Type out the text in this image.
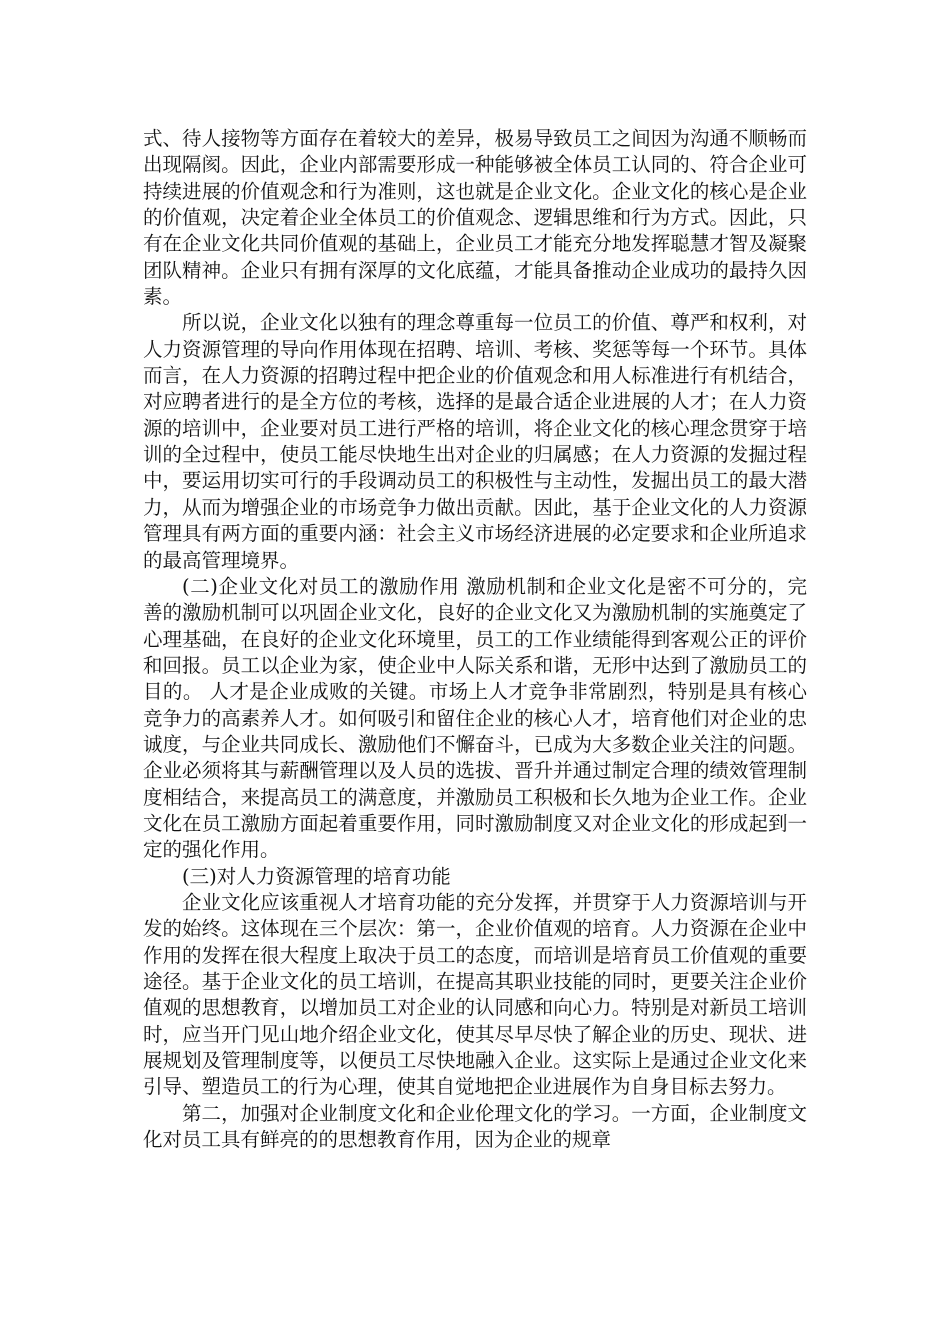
式、待人接物等方面存在着较大的差异，极易导致员工之间因为沟通不顺畅而出现隔阂。因此，企业内部需要形成一种能够被全体员工认同的、符合企业可持续进展的价值观念和行为准则，这也就是企业文化。企业文化的核心是企业的价值观，决定着企业全体员工的价值观念、逻辑思维和行为方式。因此，只有在企业文化共同价值观的基础上，企业员工才能充分地发挥聪慧才智及凝聚团队精神。企业只有拥有深厚的文化底蕴，才能具备推动企业成功的最持久因素。

所以说，企业文化以独有的理念尊重每一位员工的价值、尊严和权利，对人力资源管理的导向作用体现在招聘、培训、考核、奖惩等每一个环节。具体而言，在人力资源的招聘过程中把企业的价值观念和用人标准进行有机结合，对应聘者进行的是全方位的考核，选择的是最合适企业进展的人才；在人力资源的培训中，企业要对员工进行严格的培训，将企业文化的核心理念贯穿于培训的全过程中，使员工能尽快地生出对企业的归属感；在人力资源的发掘过程中，要运用切实可行的手段调动员工的积极性与主动性，发掘出员工的最大潜力，从而为增强企业的市场竞争力做出贡献。因此，基于企业文化的人力资源管理具有两方面的重要内涵：社会主义市场经济进展的必定要求和企业所追求的最高管理境界。

(二)企业文化对员工的激励作用 激励机制和企业文化是密不可分的，完善的激励机制可以巩固企业文化，良好的企业文化又为激励机制的实施奠定了心理基础，在良好的企业文化环境里，员工的工作业绩能得到客观公正的评价和回报。员工以企业为家，使企业中人际关系和谐，无形中达到了激励员工的目的。 人才是企业成败的关键。市场上人才竞争非常剧烈，特别是具有核心竞争力的高素养人才。如何吸引和留住企业的核心人才，培育他们对企业的忠诚度，与企业共同成长、激励他们不懈奋斗，已成为大多数企业关注的问题。企业必须将其与薪酬管理以及人员的选拔、晋升并通过制定合理的绩效管理制度相结合，来提高员工的满意度，并激励员工积极和长久地为企业工作。企业文化在员工激励方面起着重要作用，同时激励制度又对企业文化的形成起到一定的强化作用。

(三)对人力资源管理的培育功能

企业文化应该重视人才培育功能的充分发挥，并贯穿于人力资源培训与开发的始终。这体现在三个层次：第一，企业价值观的培育。人力资源在企业中作用的发挥在很大程度上取决于员工的态度，而培训是培育员工价值观的重要途径。基于企业文化的员工培训，在提高其职业技能的同时，更要关注企业价值观的思想教育，以增加员工对企业的认同感和向心力。特别是对新员工培训时，应当开门见山地介绍企业文化，使其尽早尽快了解企业的历史、现状、进展规划及管理制度等，以便员工尽快地融入企业。这实际上是通过企业文化来引导、塑造员工的行为心理，使其自觉地把企业进展作为自身目标去努力。

第二，加强对企业制度文化和企业伦理文化的学习。一方面，企业制度文化对员工具有鲜亮的的思想教育作用，因为企业的规章
